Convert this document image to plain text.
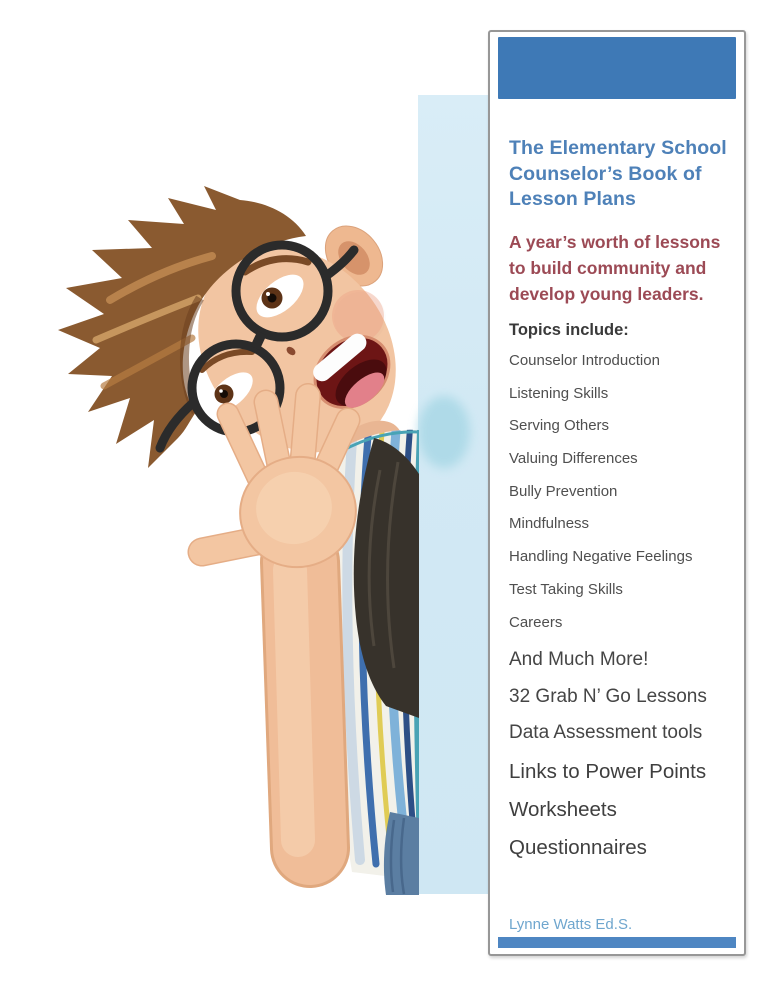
The Elementary School
Counselor’s Book of
Lesson Plans
A year’s worth of lessons
to build community and
develop young leaders.
Topics include:
Counselor Introduction
Listening Skills
Serving Others
Valuing Differences
Bully Prevention
Mindfulness
Handling Negative Feelings
Test Taking Skills
Careers
And Much More!
32 Grab N’ Go Lessons
Data Assessment tools
Links to Power Points
Worksheets
Questionnaires
Lynne Watts Ed.S.
